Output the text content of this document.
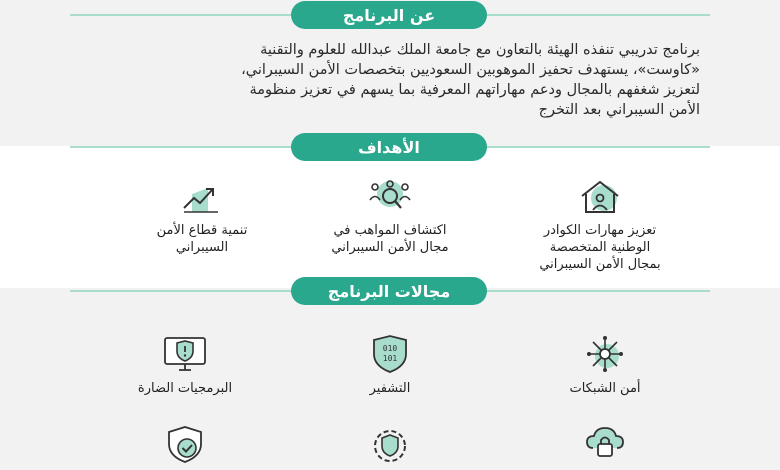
عن البرنامج
برنامج تدريبي تنفذه الهيئة بالتعاون مع جامعة الملك عبدالله للعلوم والتقنية
«كاوست»، يستهدف تحفيز الموهوبين السعوديين بتخصصات الأمن السيبراني،
لتعزيز شغفهم بالمجال ودعم مهاراتهم المعرفية بما يسهم في تعزيز منظومة
الأمن السيبراني بعد التخرج
الأهداف
تعزيز مهارات الكوادر
الوطنية المتخصصة
بمجال الأمن السيبراني
اكتشاف المواهب في
مجال الأمن السيبراني
تنمية قطاع الأمن
السيبراني
مجالات البرنامج
أمن الشبكات
010
101
التشفير
البرمجيات الضارة
